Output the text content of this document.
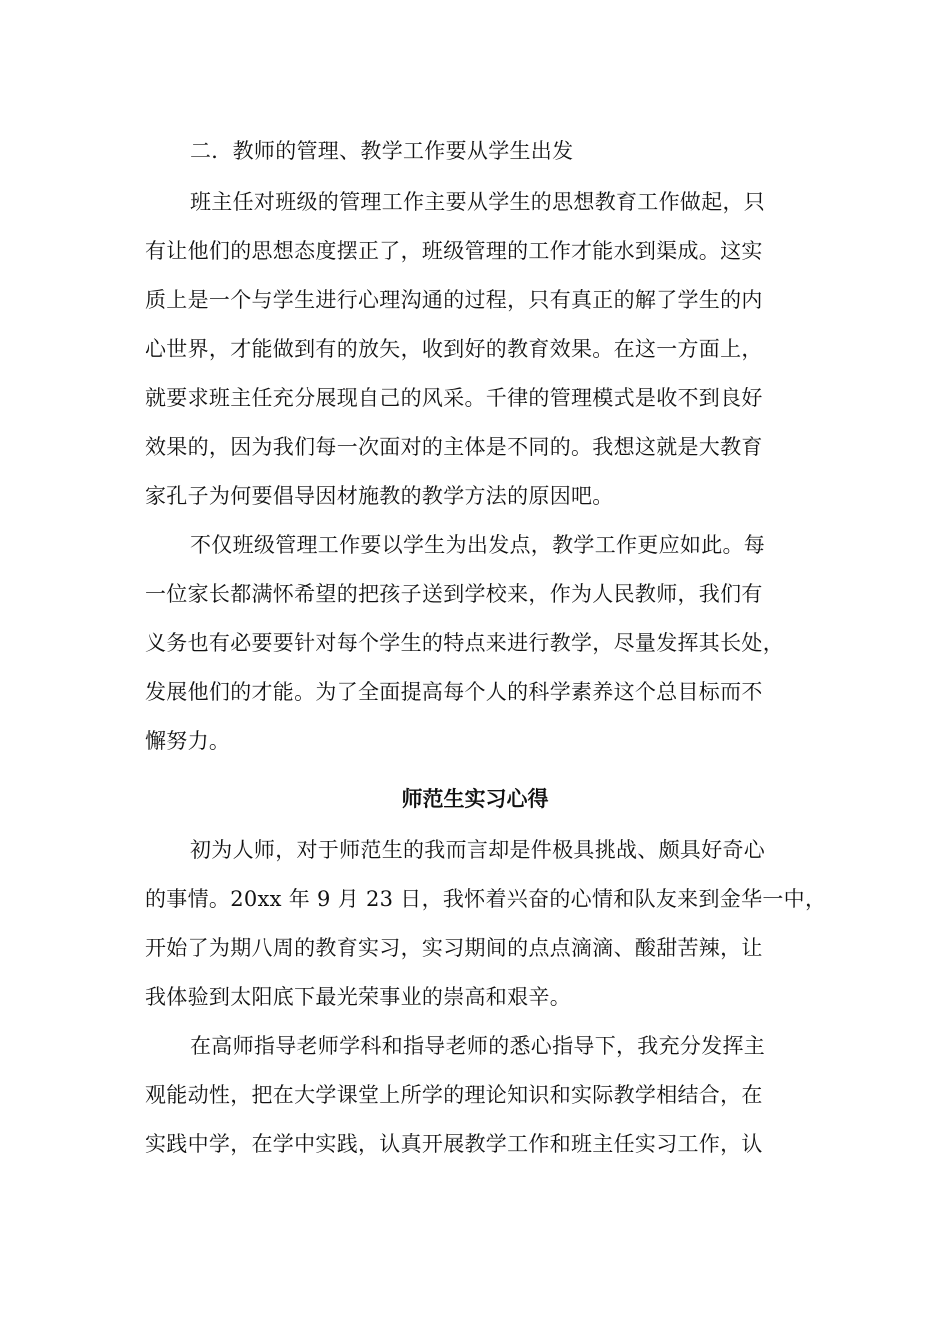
二．教师的管理、教学工作要从学生出发
班主任对班级的管理工作主要从学生的思想教育工作做起，只
有让他们的思想态度摆正了，班级管理的工作才能水到渠成。这实
质上是一个与学生进行心理沟通的过程，只有真正的解了学生的内
心世界，才能做到有的放矢，收到好的教育效果。在这一方面上，
就要求班主任充分展现自己的风采。千律的管理模式是收不到良好
效果的，因为我们每一次面对的主体是不同的。我想这就是大教育
家孔子为何要倡导因材施教的教学方法的原因吧。
不仅班级管理工作要以学生为出发点，教学工作更应如此。每
一位家长都满怀希望的把孩子送到学校来，作为人民教师，我们有
义务也有必要要针对每个学生的特点来进行教学，尽量发挥其长处，
发展他们的才能。为了全面提高每个人的科学素养这个总目标而不
懈努力。
师范生实习心得
初为人师，对于师范生的我而言却是件极具挑战、颇具好奇心
的事情。20xx 年 9 月 23 日，我怀着兴奋的心情和队友来到金华一中，
开始了为期八周的教育实习，实习期间的点点滴滴、酸甜苦辣，让
我体验到太阳底下最光荣事业的崇高和艰辛。
在高师指导老师学科和指导老师的悉心指导下，我充分发挥主
观能动性，把在大学课堂上所学的理论知识和实际教学相结合，在
实践中学，在学中实践，认真开展教学工作和班主任实习工作，认
